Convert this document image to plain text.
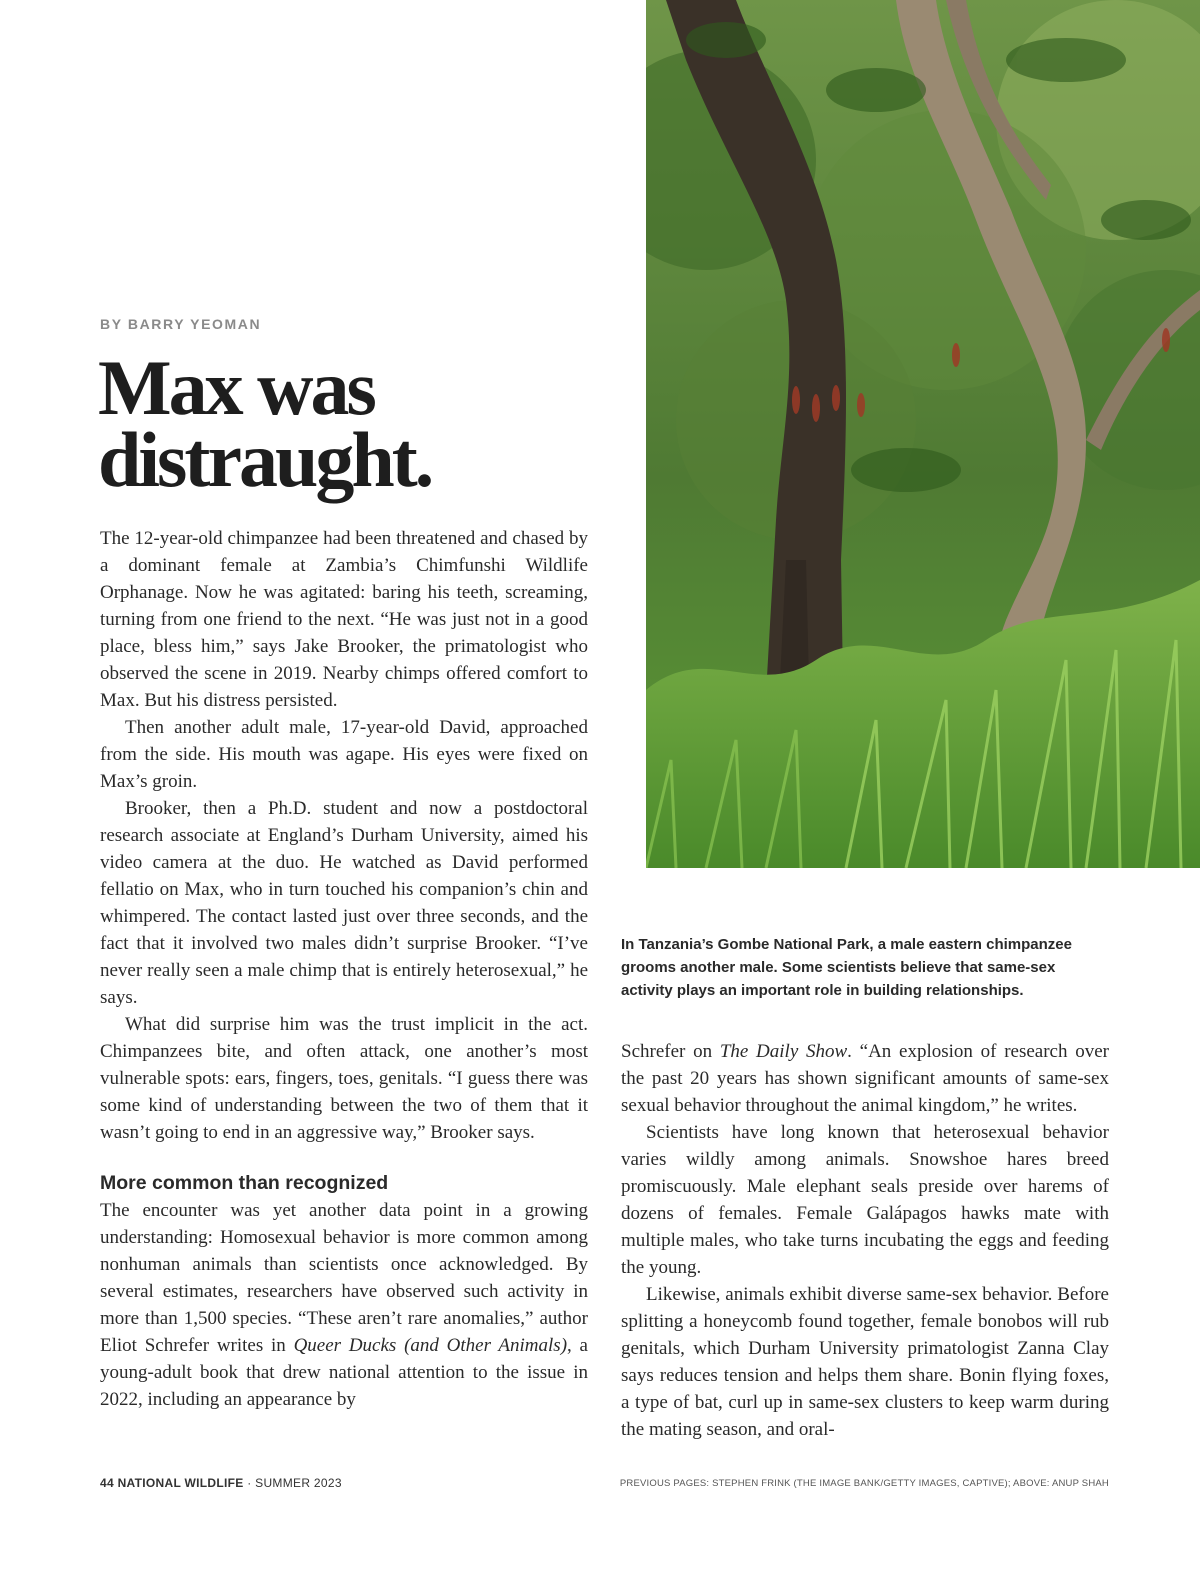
BY BARRY YEOMAN
Max was distraught.

The 12-year-old chimpanzee had been threatened and chased by a dominant female at Zambia’s Chimfunshi Wildlife Orphanage. Now he was agitated: baring his teeth, screaming, turning from one friend to the next. “He was just not in a good place, bless him,” says Jake Brooker, the primatologist who observed the scene in 2019. Nearby chimps offered comfort to Max. But his distress persisted.

Then another adult male, 17-year-old David, approached from the side. His mouth was agape. His eyes were fixed on Max’s groin.

Brooker, then a Ph.D. student and now a postdoctoral research associate at England’s Durham University, aimed his video camera at the duo. He watched as David performed fellatio on Max, who in turn touched his companion’s chin and whimpered. The contact lasted just over three seconds, and the fact that it involved two males didn’t surprise Brooker. “I’ve never really seen a male chimp that is entirely heterosexual,” he says.

What did surprise him was the trust implicit in the act. Chimpanzees bite, and often attack, one another’s most vulnerable spots: ears, fingers, toes, genitals. “I guess there was some kind of understanding between the two of them that it wasn’t going to end in an aggressive way,” Brooker says.

More common than recognized

The encounter was yet another data point in a growing understanding: Homosexual behavior is more common among nonhuman animals than scientists once acknowledged. By several estimates, researchers have observed such activity in more than 1,500 species. “These aren’t rare anomalies,” author Eliot Schrefer writes in Queer Ducks (and Other Animals), a young-adult book that drew national attention to the issue in 2022, including an appearance by

In Tanzania’s Gombe National Park, a male eastern chimpanzee grooms another male. Some scientists believe that same-sex activity plays an important role in building relationships.

Schrefer on The Daily Show. “An explosion of research over the past 20 years has shown significant amounts of same-sex sexual behavior throughout the animal kingdom,” he writes.

Scientists have long known that heterosexual behavior varies wildly among animals. Snowshoe hares breed promiscuously. Male elephant seals preside over harems of dozens of females. Female Galápagos hawks mate with multiple males, who take turns incubating the eggs and feeding the young.

Likewise, animals exhibit diverse same-sex behavior. Before splitting a honeycomb found together, female bonobos will rub genitals, which Durham University primatologist Zanna Clay says reduces tension and helps them share. Bonin flying foxes, a type of bat, curl up in same-sex clusters to keep warm during the mating season, and oral-

44 NATIONAL WILDLIFE · SUMMER 2023	PREVIOUS PAGES: STEPHEN FRINK (THE IMAGE BANK/GETTY IMAGES, CAPTIVE); ABOVE: ANUP SHAH
